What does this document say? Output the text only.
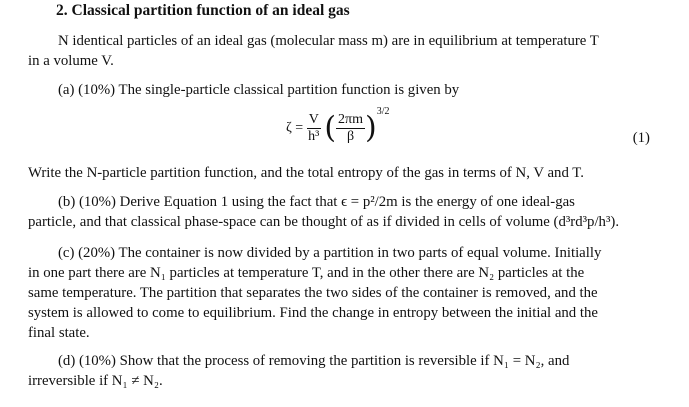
2. Classical partition function of an ideal gas
N identical particles of an ideal gas (molecular mass m) are in equilibrium at temperature T
in a volume V.
(a) (10%) The single-particle classical partition function is given by
$\zeta = \frac{V}{\text{h³}}$ ( $\frac{2\pi m}{\beta} )^{3/2}$
(1)
Write the N-particle partition function, and the total entropy of the gas in terms of N, V and T.
(b) (10%) Derive Equation 1 using the fact that ϵ = p²/2m is the energy of one ideal-gas
particle, and that classical phase-space can be thought of as if divided in cells of volume (d³rd³p/h³).
(c) (20%) The container is now divided by a partition in two parts of equal volume. Initially
in one part there are N₁ particles at temperature T, and in the other there are N₂ particles at the
same temperature. The partition that separates the two sides of the container is removed, and the
system is allowed to come to equilibrium. Find the change in entropy between the initial and the
final state.
(d) (10%) Show that the process of removing the partition is reversible if N₁ = N₂, and
irreversible if N₁ ≠ N₂.
